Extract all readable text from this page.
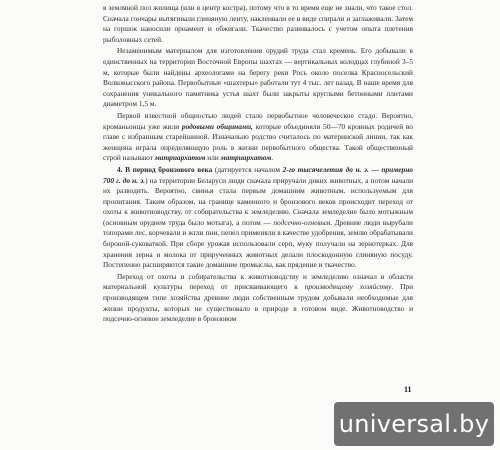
в земляной пол жилища (или в центр костра), потому что в то время еще не знали, что такое стол. Сначала гончары вытягивали глиняную ленту, накленвали ее в виде спирали и заглаживали. Затем на горшок наносили орнамент и обжигали. Ткачество развивалось с учетом опыта плетения рыболовных сетей.

Незаменимым материалом для изготовления орудий труда стал кремень. Его добывали в единственных на территории Восточной Европы шахтах — вертикальных колодцах глубиной 3–5 м, которые были найдены археологами на берегу реки Рось около поселка Красносельский Волковысского района. Первобытные «шахтеры» работали тут 4 тыс. лет назад. В наше время для сохранения уникального памятника устья шахт были закрыты круглыми бетонными плитами диаметром 1,5 м.

Первой известной общностью людей стало первобытное человеческое стадо. Вероятно, кроманьонцы уже жили родовыми общинами, которые объединяли 50—70 кровных родичей во главе с избранным старейшиной. Изначально родство считалось по материнской линии, так как женщина играла определяющую роль в жизни первобытного общества. Такой общественный строй называют матриархатом или матриархатом.

4. В период бронзового века (датируется началом 2-го тысячелетия до н. э. — примерно 700 г. до н. э.) на территории Беларуси люди сначала приручали диких животных, а потом начали их разводить. Вероятно, свинья стала первым домашним животным, используемым для пропитания. Таким образом, на границе каменного и бронзового веков происходит переход от охоты к животноводству, от собирательства к земледелию. Сначала земледелие было мотыжным (основным орудием труда было мотыга), а потом — подсечно-огневым. Древние люди вырубали топорами лес, корчевали и жгли пни, пепел применяли в качестве удобрения, землю обрабатывали бороной-суковаткой. При сборе урожая использовали серп, муку получали на зернотерках. Для хранения зерна и молока от прирученных животных делали плоскодонную глиняную посуду. Постепенно расширяются такие домашние промыслы, как прядение и ткачество.

Переход от охоты и собирательства к животноводству и земледелию означал в области материальной культуры переход от присваивающего к производящему хозяйству. При производящем типе хозяйства древние люди собственным трудом добывали необходимые для жизни продукты, которых не существовало в природе в готовом виде. Животноводство и подсечно-огневое земледелие в бронзовом

11
universal.by
